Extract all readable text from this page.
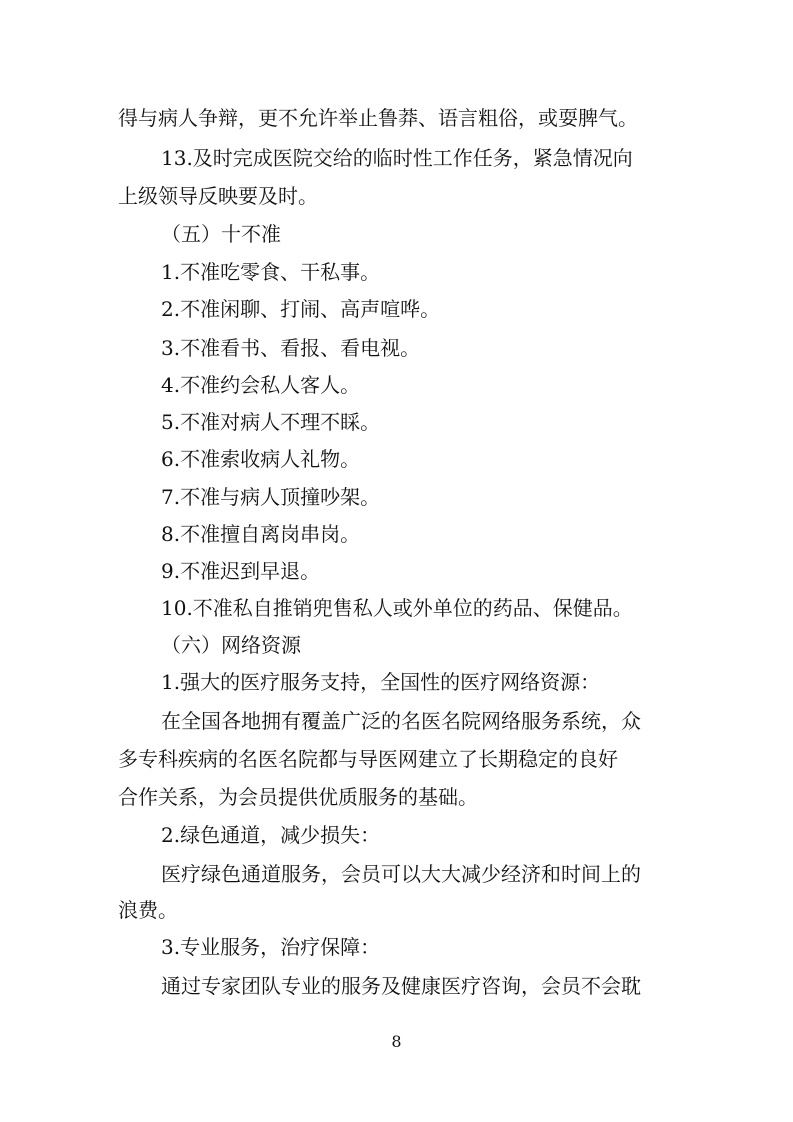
得与病人争辩，更不允许举止鲁莽、语言粗俗，或耍脾气。
13.及时完成医院交给的临时性工作任务，紧急情况向
上级领导反映要及时。
（五）十不准
1.不准吃零食、干私事。
2.不准闲聊、打闹、高声喧哗。
3.不准看书、看报、看电视。
4.不准约会私人客人。
5.不准对病人不理不睬。
6.不准索收病人礼物。
7.不准与病人顶撞吵架。
8.不准擅自离岗串岗。
9.不准迟到早退。
10.不准私自推销兜售私人或外单位的药品、保健品。
（六）网络资源
1.强大的医疗服务支持，全国性的医疗网络资源：
在全国各地拥有覆盖广泛的名医名院网络服务系统，众
多专科疾病的名医名院都与导医网建立了长期稳定的良好
合作关系，为会员提供优质服务的基础。
2.绿色通道，减少损失：
医疗绿色通道服务，会员可以大大减少经济和时间上的
浪费。
3.专业服务，治疗保障：
通过专家团队专业的服务及健康医疗咨询，会员不会耽
8
